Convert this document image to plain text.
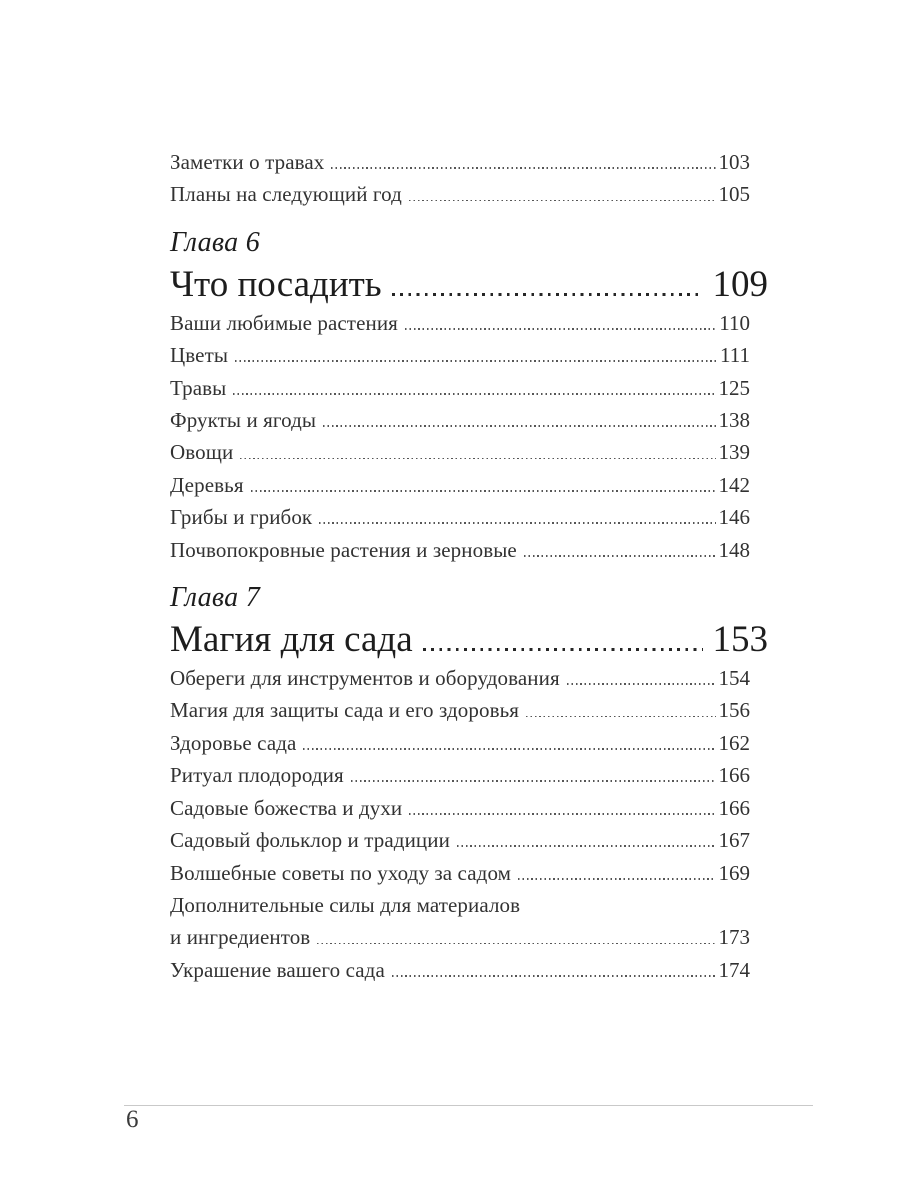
Заметки о травах	103
Планы на следующий год	105
Глава 6
Что посадить	109
Ваши любимые растения	110
Цветы	111
Травы	125
Фрукты и ягоды	138
Овощи	139
Деревья	142
Грибы и грибок	146
Почвопокровные растения и зерновые	148
Глава 7
Магия для сада	153
Обереги для инструментов и оборудования	154
Магия для защиты сада и его здоровья	156
Здоровье сада	162
Ритуал плодородия	166
Садовые божества и духи	166
Садовый фольклор и традиции	167
Волшебные советы по уходу за садом	169
Дополнительные силы для материалов
и ингредиентов	173
Украшение вашего сада	174
6
